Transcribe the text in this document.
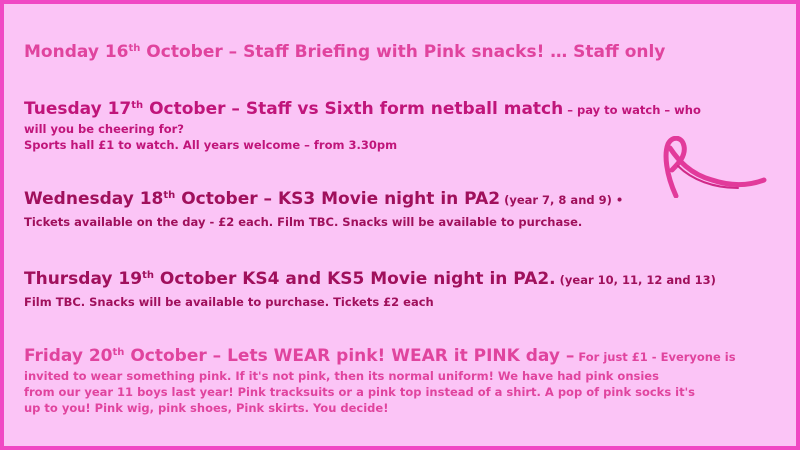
Monday 16th October – Staff Briefing with Pink snacks! … Staff only
Tuesday 17th October – Staff vs Sixth form netball match – pay to watch – who
will you be cheering for?
Sports hall £1 to watch. All years welcome – from 3.30pm
Wednesday 18th October – KS3 Movie night in PA2 (year 7, 8 and 9) •
Tickets available on the day - £2 each. Film TBC. Snacks will be available to purchase.
Thursday 19th October KS4 and KS5 Movie night in PA2. (year 10, 11, 12 and 13)
Film TBC. Snacks will be available to purchase. Tickets £2 each
Friday 20th October – Lets WEAR pink! WEAR it PINK day – For just £1 - Everyone is
invited to wear something pink. If it's not pink, then its normal uniform! We have had pink onsies
from our year 11 boys last year! Pink tracksuits or a pink top instead of a shirt. A pop of pink socks it's
up to you! Pink wig, pink shoes, Pink skirts. You decide!
